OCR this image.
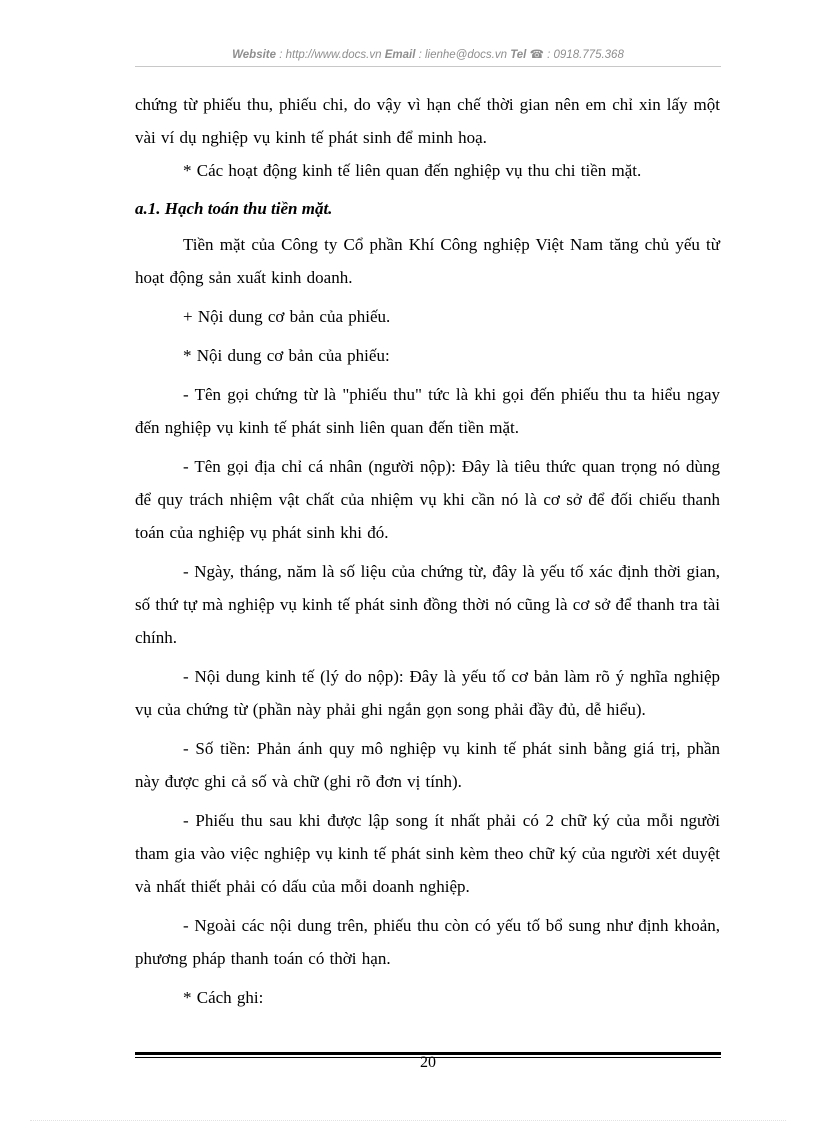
Website : http://www.docs.vn Email : lienhe@docs.vn Tel ☎ : 0918.775.368

chứng từ phiếu thu, phiếu chi, do vậy vì hạn chế thời gian nên em chỉ xin lấy một vài ví dụ nghiệp vụ kinh tế phát sinh để minh hoạ.

* Các hoạt động kinh tế liên quan đến nghiệp vụ thu chi tiền mặt.

a.1. Hạch toán thu tiền mặt.

Tiền mặt của Công ty Cổ phần Khí Công nghiệp Việt Nam tăng chủ yếu từ hoạt động sản xuất kinh doanh.

+ Nội dung cơ bản của phiếu.

* Nội dung cơ bản của phiếu:

- Tên gọi chứng từ là "phiếu thu" tức là khi gọi đến phiếu thu ta hiểu ngay đến nghiệp vụ kinh tế phát sinh liên quan đến tiền mặt.

- Tên gọi địa chỉ cá nhân (người nộp): Đây là tiêu thức quan trọng nó dùng để quy trách nhiệm vật chất của nhiệm vụ khi cần nó là cơ sở để đối chiếu thanh toán của nghiệp vụ phát sinh khi đó.

- Ngày, tháng, năm là số liệu của chứng từ, đây là yếu tố xác định thời gian, số thứ tự mà nghiệp vụ kinh tế phát sinh đồng thời nó cũng là cơ sở để thanh tra tài chính.

- Nội dung kinh tế (lý do nộp): Đây là yếu tố cơ bản làm rõ ý nghĩa nghiệp vụ của chứng từ (phần này phải ghi ngắn gọn song phải đầy đủ, dễ hiểu).

- Số tiền: Phản ánh quy mô nghiệp vụ kinh tế phát sinh bằng giá trị, phần này được ghi cả số và chữ (ghi rõ đơn vị tính).

- Phiếu thu sau khi được lập song ít nhất phải có 2 chữ ký của mỗi người tham gia vào việc nghiệp vụ kinh tế phát sinh kèm theo chữ ký của người xét duyệt và nhất thiết phải có dấu của mỗi doanh nghiệp.

- Ngoài các nội dung trên, phiếu thu còn có yếu tố bổ sung như định khoản, phương pháp thanh toán có thời hạn.

* Cách ghi:

20
